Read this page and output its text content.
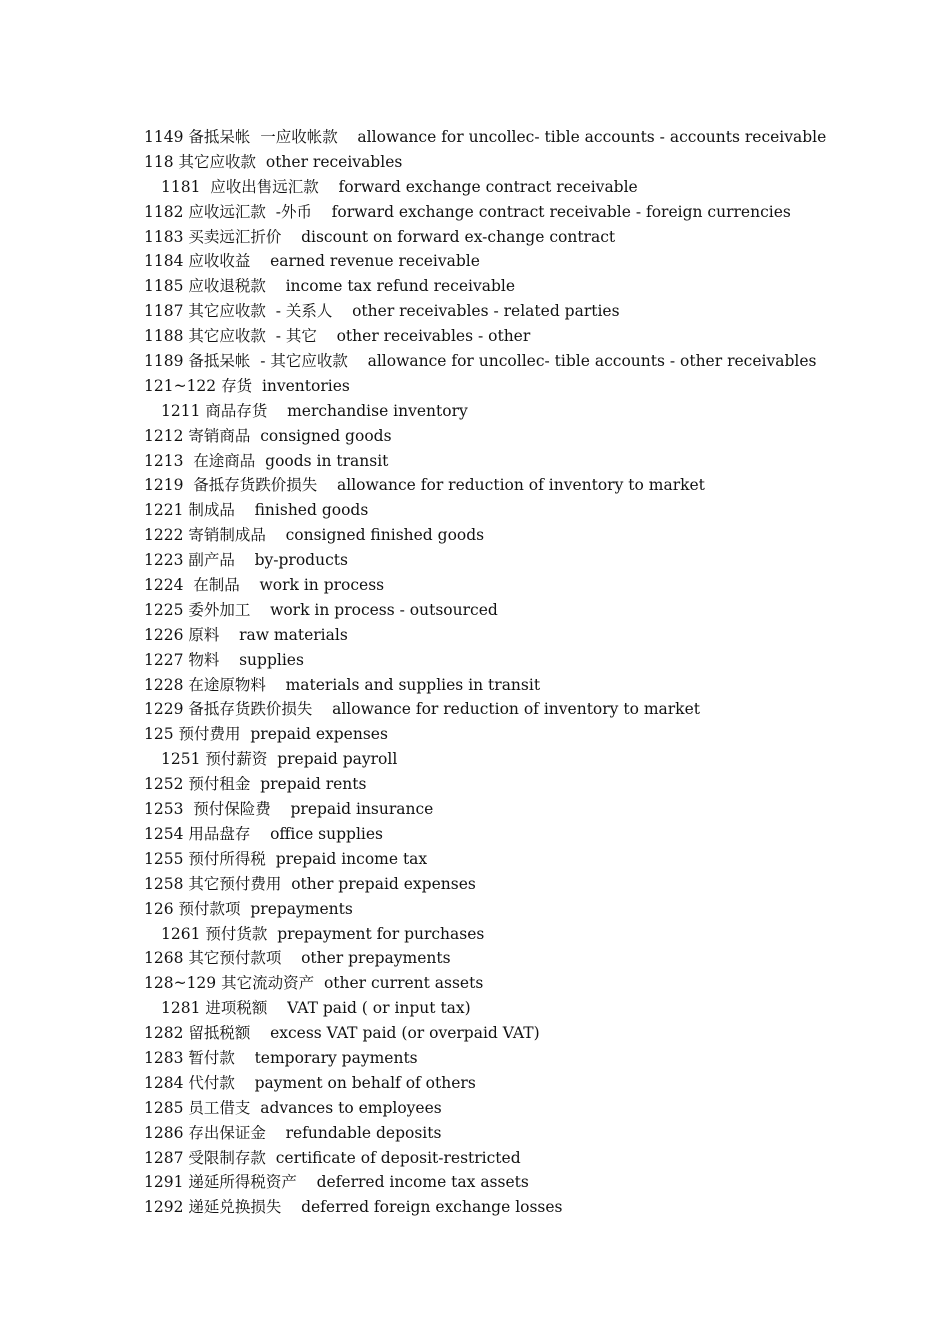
1149 备抵呆帐  一应收帐款    allowance for uncollec- tible accounts - accounts receivable
118 其它应收款  other receivables
1181  应收出售远汇款    forward exchange contract receivable
1182 应收远汇款  -外币    forward exchange contract receivable - foreign currencies
1183 买卖远汇折价    discount on forward ex-change contract
1184 应收收益    earned revenue receivable
1185 应收退税款    income tax refund receivable
1187 其它应收款  - 关系人    other receivables - related parties
1188 其它应收款  - 其它    other receivables - other
1189 备抵呆帐  - 其它应收款    allowance for uncollec- tible accounts - other receivables
121~122 存货  inventories
1211 商品存货    merchandise inventory
1212 寄销商品  consigned goods
1213  在途商品  goods in transit
1219  备抵存货跌价损失    allowance for reduction of inventory to market
1221 制成品    finished goods
1222 寄销制成品    consigned finished goods
1223 副产品    by-products
1224  在制品    work in process
1225 委外加工    work in process - outsourced
1226 原料    raw materials
1227 物料    supplies
1228 在途原物料    materials and supplies in transit
1229 备抵存货跌价损失    allowance for reduction of inventory to market
125 预付费用  prepaid expenses
1251 预付薪资  prepaid payroll
1252 预付租金  prepaid rents
1253  预付保险费    prepaid insurance
1254 用品盘存    office supplies
1255 预付所得税  prepaid income tax
1258 其它预付费用  other prepaid expenses
126 预付款项  prepayments
1261 预付货款  prepayment for purchases
1268 其它预付款项    other prepayments
128~129 其它流动资产  other current assets
1281 进项税额    VAT paid ( or input tax)
1282 留抵税额    excess VAT paid (or overpaid VAT)
1283 暂付款    temporary payments
1284 代付款    payment on behalf of others
1285 员工借支  advances to employees
1286 存出保证金    refundable deposits
1287 受限制存款  certificate of deposit-restricted
1291 递延所得税资产    deferred income tax assets
1292 递延兑换损失    deferred foreign exchange losses
